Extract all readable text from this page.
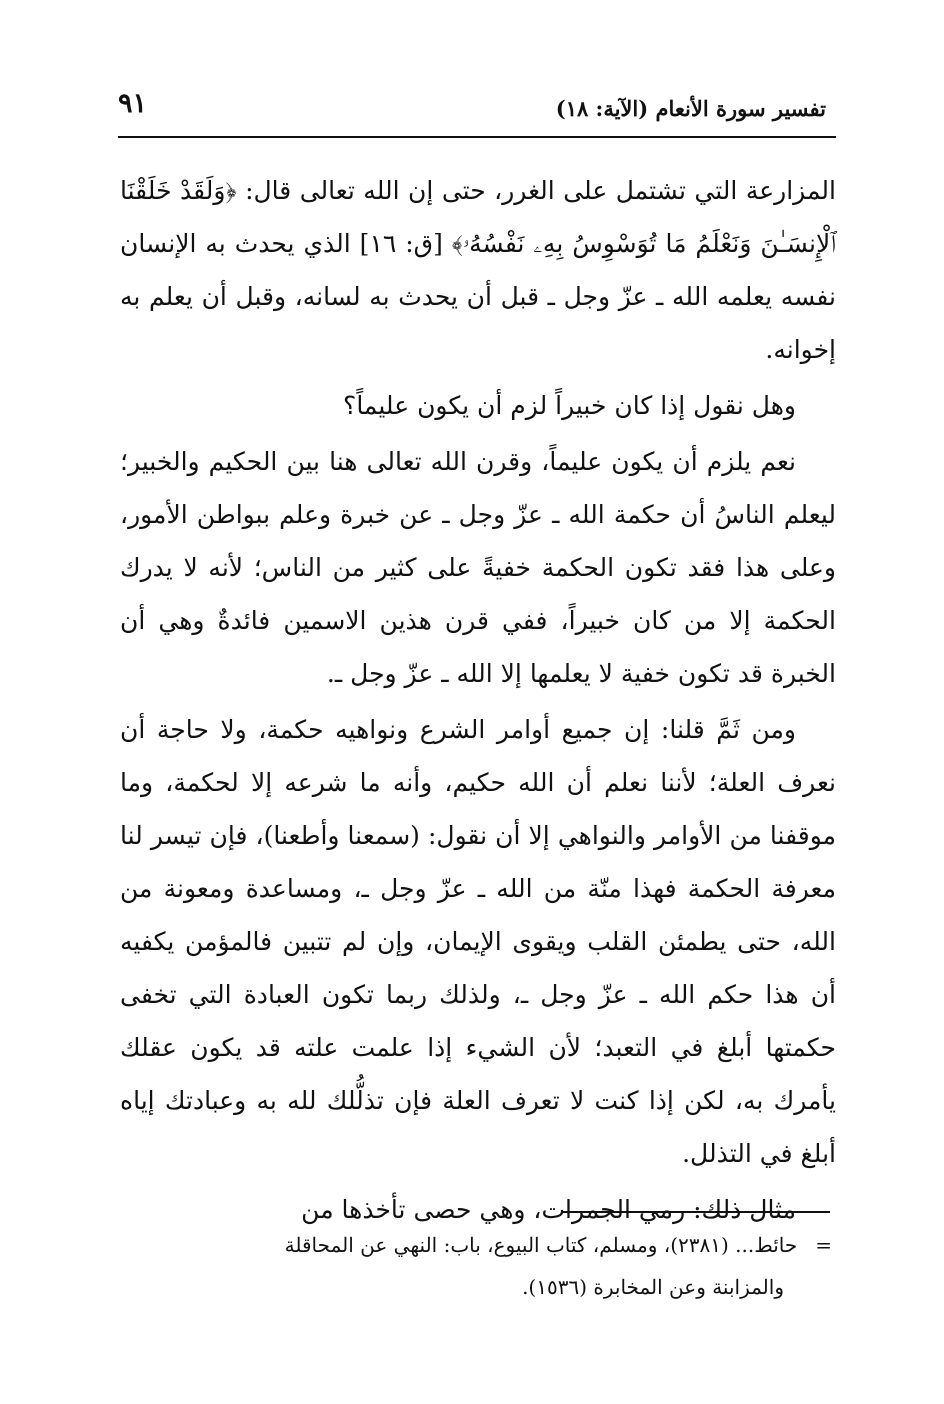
تفسير سورة الأنعام (الآية: ١٨)
٩١

المزارعة التي تشتمل على الغرر، حتى إن الله تعالى قال: ﴿وَلَقَدْ خَلَقْنَا ٱلْإِنسَـٰنَ وَنَعْلَمُ مَا تُوَسْوِسُ بِهِۦ نَفْسُهُۥ﴾ [ق: ١٦] الذي يحدث به الإنسان نفسه يعلمه الله ـ عزّ وجل ـ قبل أن يحدث به لسانه، وقبل أن يعلم به إخوانه.

وهل نقول إذا كان خبيراً لزم أن يكون عليماً؟

نعم يلزم أن يكون عليماً، وقرن الله تعالى هنا بين الحكيم والخبير؛ ليعلم الناسُ أن حكمة الله ـ عزّ وجل ـ عن خبرة وعلم ببواطن الأمور، وعلى هذا فقد تكون الحكمة خفيةً على كثير من الناس؛ لأنه لا يدرك الحكمة إلا من كان خبيراً، ففي قرن هذين الاسمين فائدةٌ وهي أن الخبرة قد تكون خفية لا يعلمها إلا الله ـ عزّ وجل ـ.

ومن ثَمَّ قلنا: إن جميع أوامر الشرع ونواهيه حكمة، ولا حاجة أن نعرف العلة؛ لأننا نعلم أن الله حكيم، وأنه ما شرعه إلا لحكمة، وما موقفنا من الأوامر والنواهي إلا أن نقول: (سمعنا وأطعنا)، فإن تيسر لنا معرفة الحكمة فهذا منّة من الله ـ عزّ وجل ـ، ومساعدة ومعونة من الله، حتى يطمئن القلب ويقوى الإيمان، وإن لم تتبين فالمؤمن يكفيه أن هذا حكم الله ـ عزّ وجل ـ، ولذلك ربما تكون العبادة التي تخفى حكمتها أبلغ في التعبد؛ لأن الشيء إذا علمت علته قد يكون عقلك يأمرك به، لكن إذا كنت لا تعرف العلة فإن تذلُّلك لله به وعبادتك إياه أبلغ في التذلل.

مثال ذلك: رمي الجمرات، وهي حصى تأخذها من

=حائط... (٢٣٨١)، ومسلم، كتاب البيوع، باب: النهي عن المحاقلة
والمزابنة وعن المخابرة (١٥٣٦).
